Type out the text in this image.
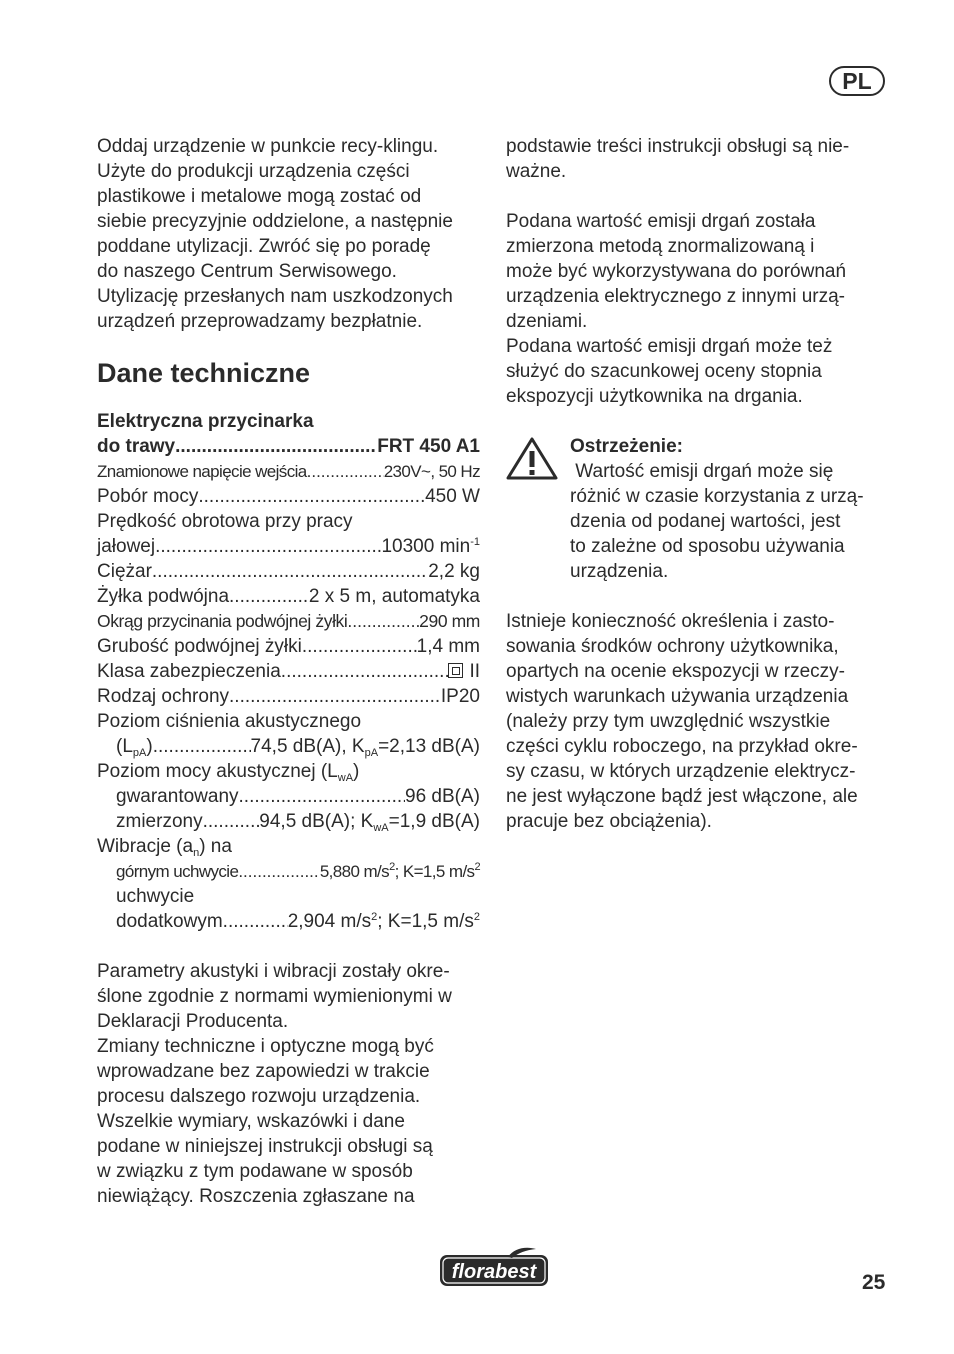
PL

Oddaj urządzenie w punkcie recy-klingu.

Użyte do produkcji urządzenia części

plastikowe i metalowe mogą zostać od

siebie precyzyjnie oddzielone, a następnie

poddane utylizacji. Zwróć się po poradę

do naszego Centrum Serwisowego.

Utylizację przesłanych nam uszkodzonych

urządzeń przeprowadzamy bezpłatnie.

Dane techniczne

Elektryczna przycinarka

do trawy .....	FRT 450 A1
Znamionowe napięcie wejścia .....	230V~, 50 Hz
Pobór mocy .....	450 W

Prędkość obrotowa przy pracy

jałowej .....	10300 $\min^{-1}$
Ciężar .....	2,2 kg
Żyłka podwójna .....	2 x 5 m, automatyka
Okrąg przycinania podwójnej żyłki .....	290 mm
Grubość podwójnej żyłki .....	1,4 mm
Klasa zabezpieczenia .....	II
Rodzaj ochrony .....	IP20

Poziom ciśnienia akustycznego

$(L_{pA})$ .....	74,5 dB(A), $K_{pA}=2,13$ dB(A)

Poziom mocy akustycznej $(L_{wA})$

gwarantowany .....	96 dB(A)
zmierzony .....	94,5 dB(A); $K_{wA}=1,9$ dB(A)

Wibracje $(a_n)$ na

górnym uchwycie .....	5,880 $m/s^2$; K=1,5 $m/s^2$

uchwycie

dodatkowym .....	2,904 $m/s^2$; K=1,5 $m/s^2$

Parametry akustyki i wibracji zostały okre-

ślone zgodnie z normami wymienionymi w

Deklaracji Producenta.

Zmiany techniczne i optyczne mogą być

wprowadzane bez zapowiedzi w trakcie

procesu dalszego rozwoju urządzenia.

Wszelkie wymiary, wskazówki i dane

podane w niniejszej instrukcji obsługi są

w związku z tym podawane w sposób

niewiążący. Roszczenia zgłaszane na

podstawie treści instrukcji obsługi są nie-

ważne.

Podana wartość emisji drgań została

zmierzona metodą znormalizowaną i

może być wykorzystywana do porównań

urządzenia elektrycznego z innymi urzą-

dzeniami.

Podana wartość emisji drgań może też

służyć do szacunkowej oceny stopnia

ekspozycji użytkownika na drgania.

Ostrzeżenie:

Wartość emisji drgań może się

różnić w czasie korzystania z urzą-

dzenia od podanej wartości, jest

to zależne od sposobu używania

urządzenia.

Istnieje konieczność określenia i zasto-

sowania środków ochrony użytkownika,

opartych na ocenie ekspozycji w rzeczy-

wistych warunkach używania urządzenia

(należy przy tym uwzględnić wszystkie

części cyklu roboczego, na przykład okre-

sy czasu, w których urządzenie elektrycz-

ne jest wyłączone bądź jest włączone, ale

pracuje bez obciążenia).

florabest	25
